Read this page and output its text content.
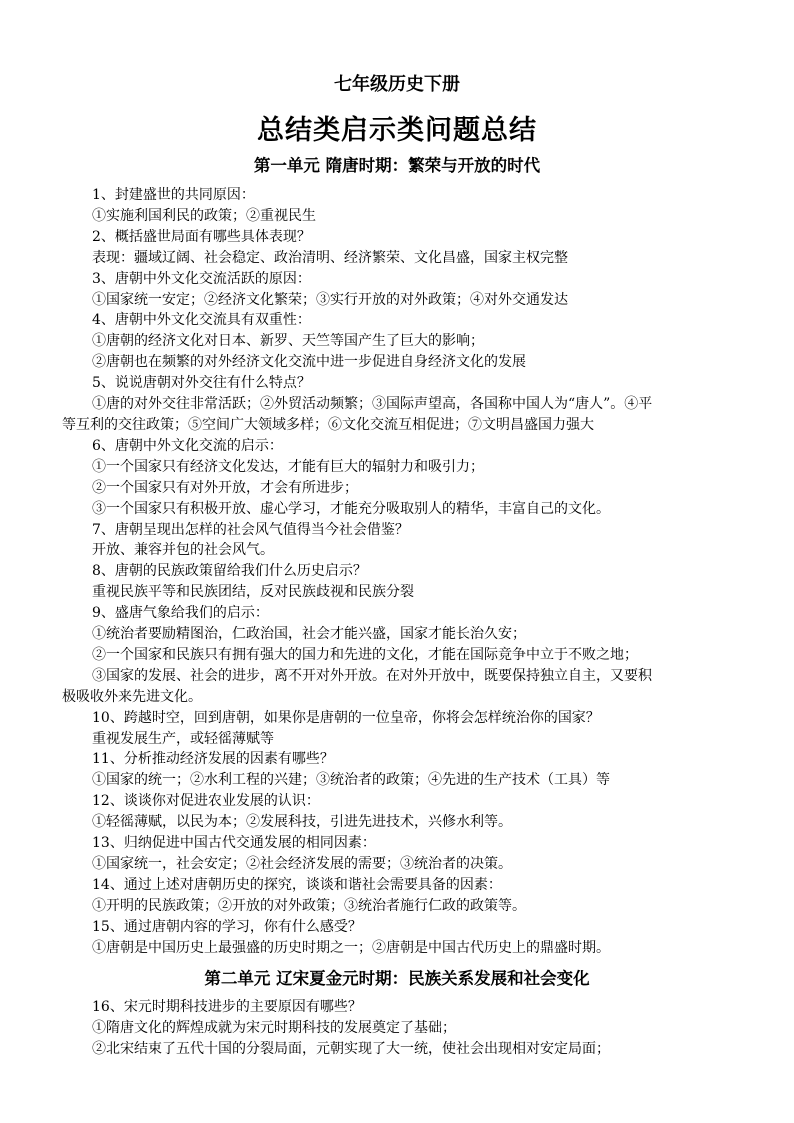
七年级历史下册
总结类启示类问题总结
第一单元 隋唐时期：繁荣与开放的时代
1、封建盛世的共同原因：
①实施利国利民的政策；②重视民生
2、概括盛世局面有哪些具体表现？
表现：疆域辽阔、社会稳定、政治清明、经济繁荣、文化昌盛，国家主权完整
3、唐朝中外文化交流活跃的原因：
①国家统一安定；②经济文化繁荣；③实行开放的对外政策；④对外交通发达
4、唐朝中外文化交流具有双重性：
①唐朝的经济文化对日本、新罗、天竺等国产生了巨大的影响；
②唐朝也在频繁的对外经济文化交流中进一步促进自身经济文化的发展
5、说说唐朝对外交往有什么特点？
①唐的对外交往非常活跃；②外贸活动频繁；③国际声望高，各国称中国人为“唐人”。④平
等互利的交往政策；⑤空间广大领域多样；⑥文化交流互相促进；⑦文明昌盛国力强大
6、唐朝中外文化交流的启示：
①一个国家只有经济文化发达，才能有巨大的辐射力和吸引力；
②一个国家只有对外开放，才会有所进步；
③一个国家只有积极开放、虚心学习，才能充分吸取别人的精华，丰富自己的文化。
7、唐朝呈现出怎样的社会风气值得当今社会借鉴？
开放、兼容并包的社会风气。
8、唐朝的民族政策留给我们什么历史启示？
重视民族平等和民族团结，反对民族歧视和民族分裂
9、盛唐气象给我们的启示：
①统治者要励精图治，仁政治国，社会才能兴盛，国家才能长治久安；
②一个国家和民族只有拥有强大的国力和先进的文化，才能在国际竞争中立于不败之地；
③国家的发展、社会的进步，离不开对外开放。在对外开放中，既要保持独立自主，又要积
极吸收外来先进文化。
10、跨越时空，回到唐朝，如果你是唐朝的一位皇帝，你将会怎样统治你的国家？
重视发展生产，或轻徭薄赋等
11、分析推动经济发展的因素有哪些？
①国家的统一；②水利工程的兴建；③统治者的政策；④先进的生产技术（工具）等
12、谈谈你对促进农业发展的认识：
①轻徭薄赋，以民为本；②发展科技，引进先进技术，兴修水利等。
13、归纳促进中国古代交通发展的相同因素：
①国家统一，社会安定；②社会经济发展的需要；③统治者的决策。
14、通过上述对唐朝历史的探究，谈谈和谐社会需要具备的因素：
①开明的民族政策；②开放的对外政策；③统治者施行仁政的政策等。
15、通过唐朝内容的学习，你有什么感受？
①唐朝是中国历史上最强盛的历史时期之一；②唐朝是中国古代历史上的鼎盛时期。
第二单元 辽宋夏金元时期：民族关系发展和社会变化
16、宋元时期科技进步的主要原因有哪些？
①隋唐文化的辉煌成就为宋元时期科技的发展奠定了基础；
②北宋结束了五代十国的分裂局面，元朝实现了大一统，使社会出现相对安定局面；
